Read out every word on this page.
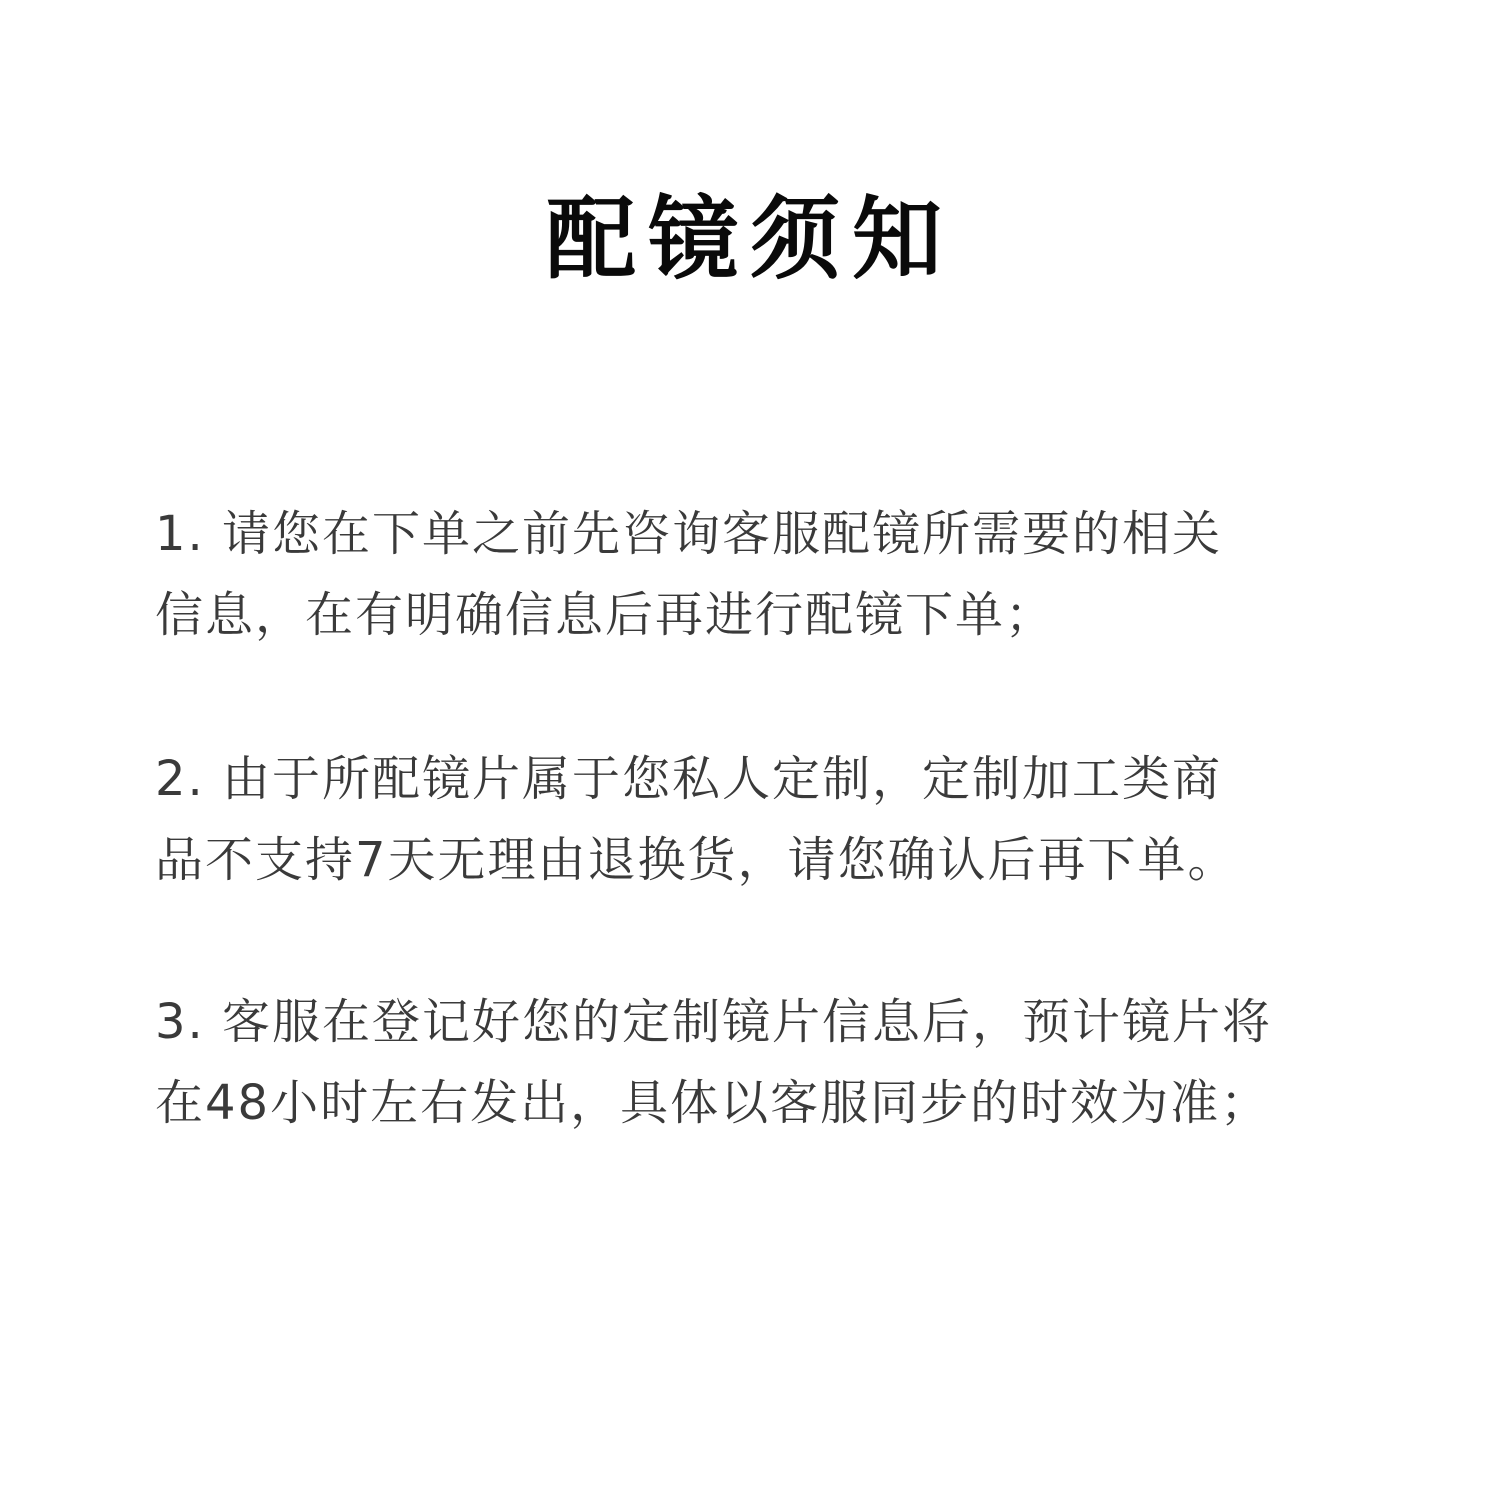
配镜须知
1. 请您在下单之前先咨询客服配镜所需要的相关
信息，在有明确信息后再进行配镜下单；
2. 由于所配镜片属于您私人定制，定制加工类商
品不支持7天无理由退换货，请您确认后再下单。
3. 客服在登记好您的定制镜片信息后，预计镜片将
在48小时左右发出，具体以客服同步的时效为准；
